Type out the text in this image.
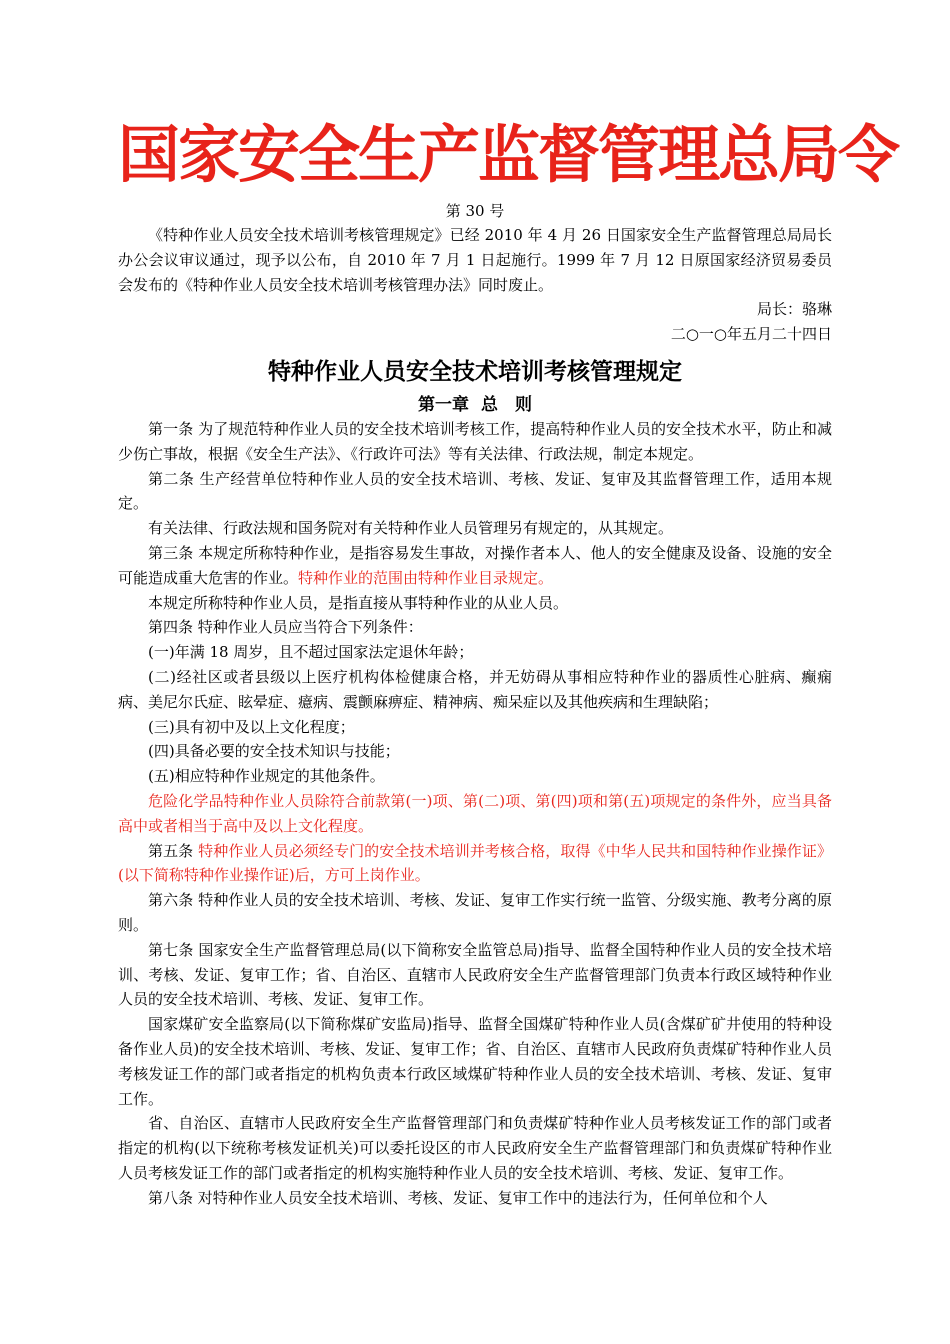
国家安全生产监督管理总局令
第 30 号

《特种作业人员安全技术培训考核管理规定》已经 2010 年 4 月 26 日国家安全生产监督管理总局局长办公会议审议通过，现予以公布，自 2010 年 7 月 1 日起施行。1999 年 7 月 12 日原国家经济贸易委员会发布的《特种作业人员安全技术培训考核管理办法》同时废止。

局长：骆琳

二○一○年五月二十四日

特种作业人员安全技术培训考核管理规定
第一章 总　则

第一条 为了规范特种作业人员的安全技术培训考核工作，提高特种作业人员的安全技术水平，防止和减少伤亡事故，根据《安全生产法》、《行政许可法》等有关法律、行政法规，制定本规定。

第二条 生产经营单位特种作业人员的安全技术培训、考核、发证、复审及其监督管理工作，适用本规定。

有关法律、行政法规和国务院对有关特种作业人员管理另有规定的，从其规定。

第三条 本规定所称特种作业，是指容易发生事故，对操作者本人、他人的安全健康及设备、设施的安全可能造成重大危害的作业。特种作业的范围由特种作业目录规定。

本规定所称特种作业人员，是指直接从事特种作业的从业人员。

第四条 特种作业人员应当符合下列条件：

(一)年满 18 周岁，且不超过国家法定退休年龄；

(二)经社区或者县级以上医疗机构体检健康合格，并无妨碍从事相应特种作业的器质性心脏病、癫痫病、美尼尔氏症、眩晕症、癔病、震颤麻痹症、精神病、痴呆症以及其他疾病和生理缺陷；

(三)具有初中及以上文化程度；

(四)具备必要的安全技术知识与技能；

(五)相应特种作业规定的其他条件。

危险化学品特种作业人员除符合前款第(一)项、第(二)项、第(四)项和第(五)项规定的条件外，应当具备高中或者相当于高中及以上文化程度。

第五条 特种作业人员必须经专门的安全技术培训并考核合格，取得《中华人民共和国特种作业操作证》(以下简称特种作业操作证)后，方可上岗作业。

第六条 特种作业人员的安全技术培训、考核、发证、复审工作实行统一监管、分级实施、教考分离的原则。

第七条 国家安全生产监督管理总局(以下简称安全监管总局)指导、监督全国特种作业人员的安全技术培训、考核、发证、复审工作；省、自治区、直辖市人民政府安全生产监督管理部门负责本行政区域特种作业人员的安全技术培训、考核、发证、复审工作。

国家煤矿安全监察局(以下简称煤矿安监局)指导、监督全国煤矿特种作业人员(含煤矿矿井使用的特种设备作业人员)的安全技术培训、考核、发证、复审工作；省、自治区、直辖市人民政府负责煤矿特种作业人员考核发证工作的部门或者指定的机构负责本行政区域煤矿特种作业人员的安全技术培训、考核、发证、复审工作。

省、自治区、直辖市人民政府安全生产监督管理部门和负责煤矿特种作业人员考核发证工作的部门或者指定的机构(以下统称考核发证机关)可以委托设区的市人民政府安全生产监督管理部门和负责煤矿特种作业人员考核发证工作的部门或者指定的机构实施特种作业人员的安全技术培训、考核、发证、复审工作。

第八条 对特种作业人员安全技术培训、考核、发证、复审工作中的违法行为，任何单位和个人
